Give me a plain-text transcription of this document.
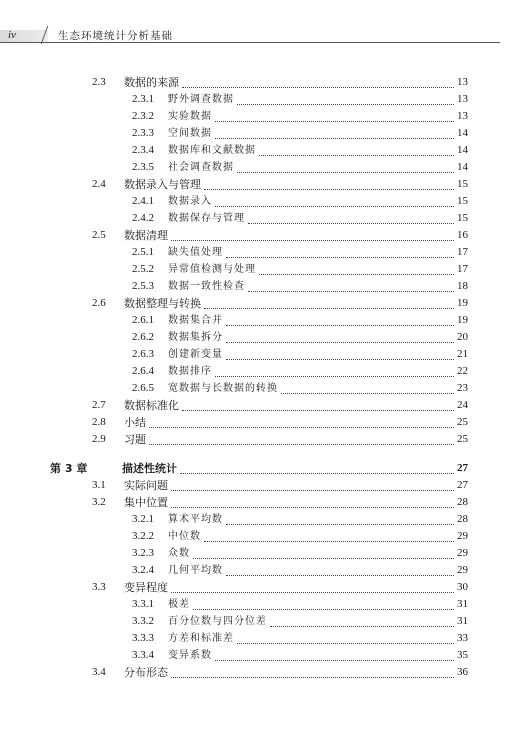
iv	生态环境统计分析基础
2.3 数据的来源	13
2.3.1 野外调查数据	13
2.3.2 实验数据	13
2.3.3 空间数据	14
2.3.4 数据库和文献数据	14
2.3.5 社会调查数据	14
2.4 数据录入与管理	15
2.4.1 数据录入	15
2.4.2 数据保存与管理	15
2.5 数据清理	16
2.5.1 缺失值处理	17
2.5.2 异常值检测与处理	17
2.5.3 数据一致性检查	18
2.6 数据整理与转换	19
2.6.1 数据集合并	19
2.6.2 数据集拆分	20
2.6.3 创建新变量	21
2.6.4 数据排序	22
2.6.5 宽数据与长数据的转换	23
2.7 数据标准化	24
2.8 小结	25
2.9 习题	25
第 3 章	描述性统计	27
3.1 实际问题	27
3.2 集中位置	28
3.2.1 算术平均数	28
3.2.2 中位数	29
3.2.3 众数	29
3.2.4 几何平均数	29
3.3 变异程度	30
3.3.1 极差	31
3.3.2 百分位数与四分位差	31
3.3.3 方差和标准差	33
3.3.4 变异系数	35
3.4 分布形态	36
